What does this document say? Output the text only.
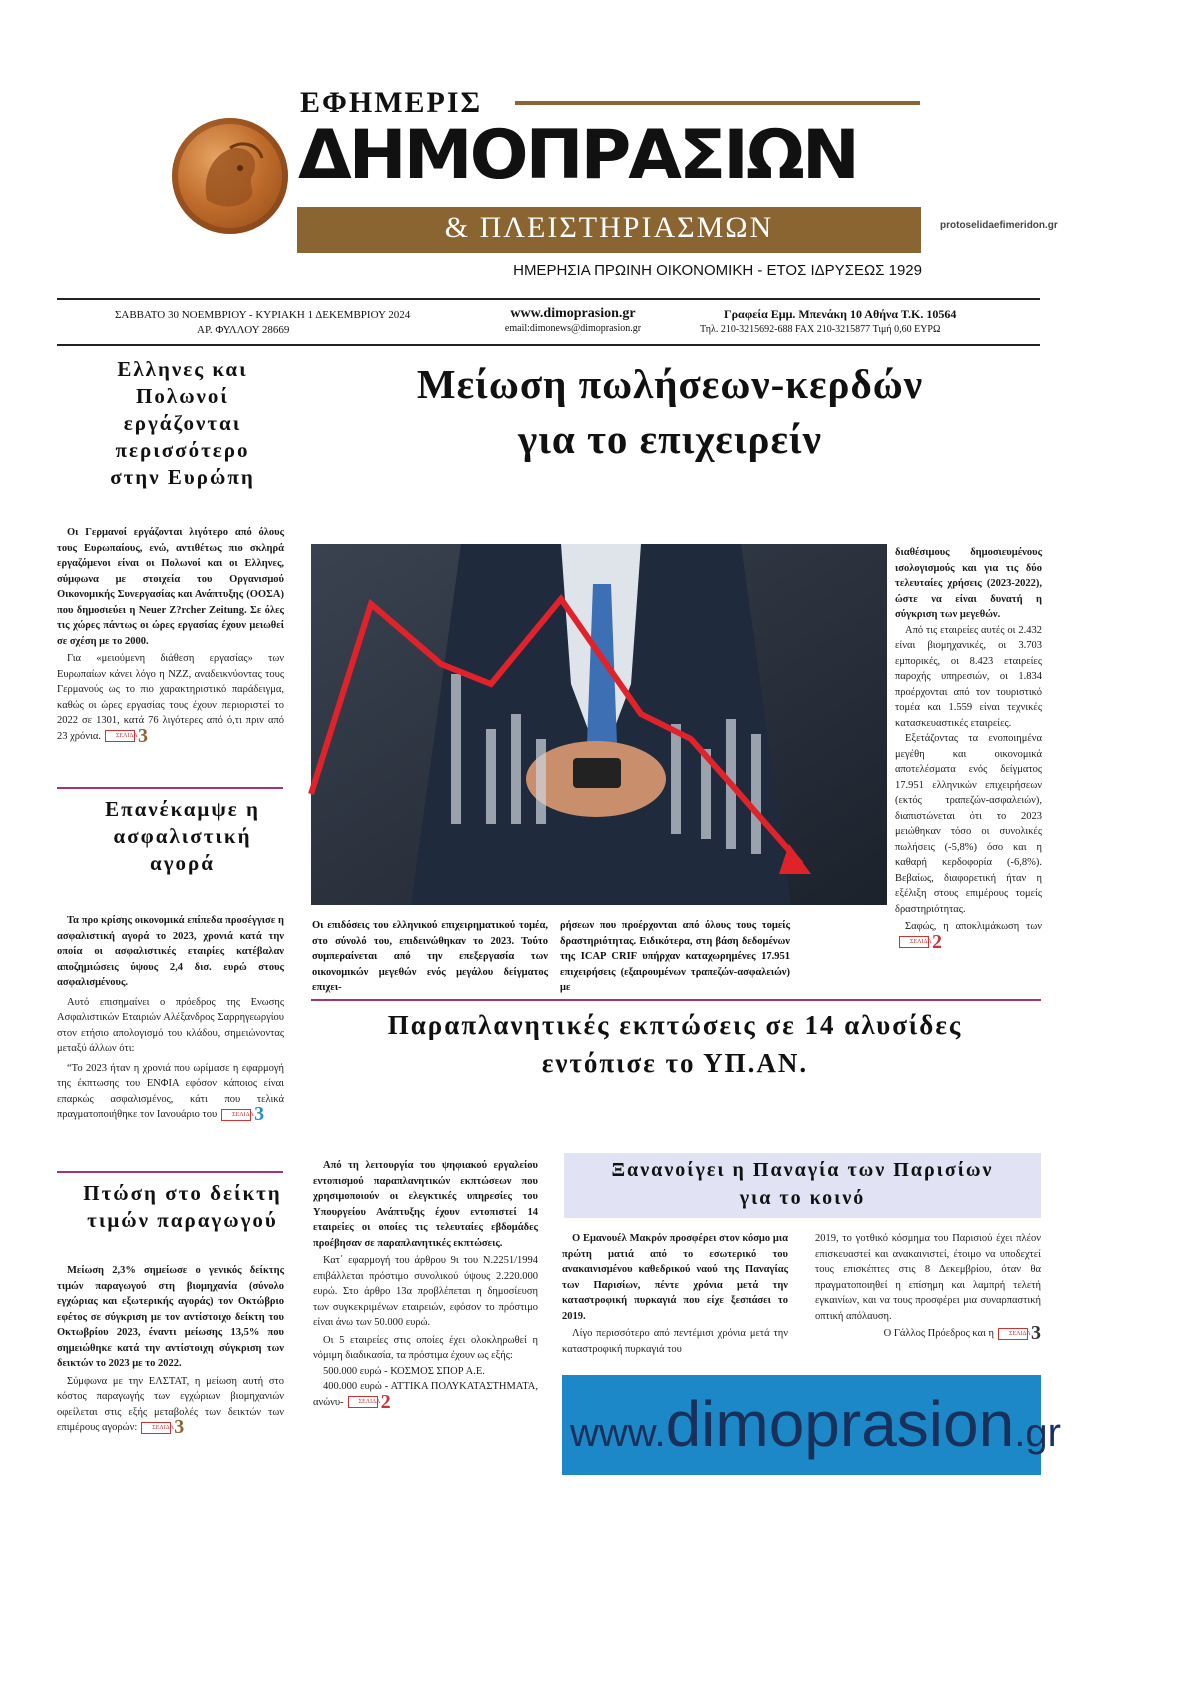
ΕΦΗΜΕΡΙΣ
ΔΗΜΟΠΡΑΣΙΩΝ
& ΠΛΕΙΣΤΗΡΙΑΣΜΩΝ
ΗΜΕΡΗΣΙΑ ΠΡΩΙΝΗ ΟΙΚΟΝΟΜΙΚΗ - ΕΤΟΣ ΙΔΡΥΣΕΩΣ 1929
protoselidaefimeridon.gr
ΣΑΒΒΑΤΟ 30 ΝΟΕΜΒΡΙΟΥ - ΚΥΡΙΑΚΗ 1 ΔΕΚΕΜΒΡΙΟΥ 2024
ΑΡ. ΦΥΛΛΟΥ 28669
www.dimoprasion.gr
email:dimonews@dimoprasion.gr
Γραφεία Εμμ. Μπενάκη 10 Αθήνα Τ.Κ. 10564
Τηλ. 210-3215692-688 FAX 210-3215877 Τιμή 0,60 ΕΥΡΩ
Ελληνες και
Πολωνοί
εργάζονται
περισσότερο
στην Ευρώπη

Οι Γερμανοί εργάζονται λιγότερο από όλους τους Ευρωπαίους, ενώ, αντιθέτως πιο σκληρά εργαζόμενοι είναι οι Πολωνοί και οι Ελληνες, σύμφωνα με στοιχεία του Οργανισμού Οικονομικής Συνεργασίας και Ανάπτυξης (ΟΟΣΑ) που δημοσιεύει η Neuer Z?rcher Zeitung. Σε όλες τις χώρες πάντως οι ώρες εργασίας έχουν μειωθεί σε σχέση με το 2000.

Για «μειούμενη διάθεση εργασίας» των Ευρωπαίων κάνει λόγο η ΝΖΖ, αναδεικνύοντας τους Γερμανούς ως το πιο χαρακτηριστικό παράδειγμα, καθώς οι ώρες εργασίας τους έχουν περιοριστεί το 2022 σε 1301, κατά 76 λιγότερες από ό,τι πριν από 23 χρόνια.	ΣΕΛΙΔΑ3

Επανέκαμψε η
ασφαλιστική
αγορά

Τα προ κρίσης οικονομικά επίπεδα προσέγγισε η ασφαλιστική αγορά το 2023, χρονιά κατά την οποία οι ασφαλιστικές εταιρίες κατέβαλαν αποζημιώσεις ύψους 2,4 δισ. ευρώ στους ασφαλισμένους.

Αυτό επισημαίνει ο πρόεδρος της Ενωσης Ασφαλιστικών Εταιριών Αλέξανδρος Σαρρηγεωργίου στον ετήσιο απολογισμό του κλάδου, σημειώνοντας μεταξύ άλλων ότι:

“Το 2023 ήταν η χρονιά που ωρίμασε η εφαρμογή της έκπτωσης του ΕΝΦΙΑ εφόσον κάποιος είναι επαρκώς ασφαλισμένος, κάτι που τελικά πραγματοποιήθηκε τον Ιανουάριο του	ΣΕΛΙΔΑ3

Πτώση στο δείκτη
τιμών παραγωγού

Μείωση 2,3% σημείωσε ο γενικός δείκτης τιμών παραγωγού στη βιομηχανία (σύνολο εγχώριας και εξωτερικής αγοράς) τον Οκτώβριο εφέτος σε σύγκριση με τον αντίστοιχο δείκτη του Οκτωβρίου 2023, έναντι μείωσης 13,5% που σημειώθηκε κατά την αντίστοιχη σύγκριση των δεικτών το 2023 με το 2022.

Σύμφωνα με την ΕΛΣΤΑΤ, η μείωση αυτή στο κόστος παραγωγής των εγχώριων βιομηχανιών οφείλεται στις εξής μεταβολές των δεικτών των επιμέρους αγορών:	ΣΕΛΙΔΑ3

Μείωση πωλήσεων-κερδών
για το επιχειρείν
Οι επιδόσεις του ελληνικού επιχειρηματικού τομέα, στο σύνολό του, επιδεινώθηκαν το 2023. Τούτο συμπεραίνεται από την επεξεργασία των οικονομικών μεγεθών ενός μεγάλου δείγματος επιχει-
ρήσεων που προέρχονται από όλους τους τομείς δραστηριότητας. Ειδικότερα, στη βάση δεδομένων της ICAP CRIF υπήρχαν καταχωρημένες 17.951 επιχειρήσεις (εξαιρουμένων τραπεζών-ασφαλειών) με

διαθέσιμους δημοσιευμένους ισολογισμούς και για τις δύο τελευταίες χρήσεις (2023-2022), ώστε να είναι δυνατή η σύγκριση των μεγεθών.

Από τις εταιρείες αυτές οι 2.432 είναι βιομηχανικές, οι 3.703 εμπορικές, οι 8.423 εταιρείες παροχής υπηρεσιών, οι 1.834 προέρχονται από τον τουριστικό τομέα και 1.559 είναι τεχνικές κατασκευαστικές εταιρείες.

Εξετάζοντας τα ενοποιημένα μεγέθη και οικονομικά αποτελέσματα ενός δείγματος 17.951 ελληνικών επιχειρήσεων (εκτός τραπεζών-ασφαλειών), διαπιστώνεται ότι το 2023 μειώθηκαν τόσο οι συνολικές πωλήσεις (-5,8%) όσο και η καθαρή κερδοφορία (-6,8%). Βεβαίως, διαφορετική ήταν η εξέλιξη στους επιμέρους τομείς δραστηριότητας.

Σαφώς, η αποκλιμάκωση τωνΣΕΛΙΔΑ2

Παραπλανητικές εκπτώσεις σε 14 αλυσίδες
εντόπισε το ΥΠ.ΑΝ.

Από τη λειτουργία του ψηφιακού εργαλείου εντοπισμού παραπλανητικών εκπτώσεων που χρησιμοποιούν οι ελεγκτικές υπηρεσίες του Υπουργείου Ανάπτυξης έχουν εντοπιστεί 14 εταιρείες οι οποίες τις τελευταίες εβδομάδες προέβησαν σε παραπλανητικές εκπτώσεις.

Κατ΄ εφαρμογή του άρθρου 9ι του Ν.2251/1994 επιβάλλεται πρόστιμο συνολικού ύψους 2.220.000 ευρώ. Στο άρθρο 13α προβλέπεται η δημοσίευση των συγκεκριμένων εταιρειών, εφόσον το πρόστιμο είναι άνω των 50.000 ευρώ.

Οι 5 εταιρείες στις οποίες έχει ολοκληρωθεί η νόμιμη διαδικασία, τα πρόστιμα έχουν ως εξής:

500.000 ευρώ - ΚΟΣΜΟΣ ΣΠΟΡ Α.Ε.

400.000 ευρώ - ΑΤΤΙΚΑ ΠΟΛΥΚΑΤΑΣΤΗΜΑΤΑ, ανώνυ-	ΣΕΛΙΔΑ2

Ξανανοίγει η Παναγία των Παρισίων
για το κοινό

Ο Εμανουέλ Μακρόν προσφέρει στον κόσμο μια πρώτη ματιά από το εσωτερικό του ανακαινισμένου καθεδρικού ναού της Παναγίας των Παρισίων, πέντε χρόνια μετά την καταστροφική πυρκαγιά που είχε ξεσπάσει το 2019.

Λίγο περισσότερο από πεντέμισι χρόνια μετά την καταστροφική πυρκαγιά του

2019, το γοτθικό κόσμημα του Παρισιού έχει πλέον επισκευαστεί και ανακαινιστεί, έτοιμο να υποδεχτεί τους επισκέπτες στις 8 Δεκεμβρίου, όταν θα πραγματοποιηθεί η επίσημη και λαμπρή τελετή εγκαινίων, και να τους προσφέρει μια συναρπαστική οπτική απόλαυση.

Ο Γάλλος Πρόεδρος και η	ΣΕΛΙΔΑ3

www.dimoprasion.gr
